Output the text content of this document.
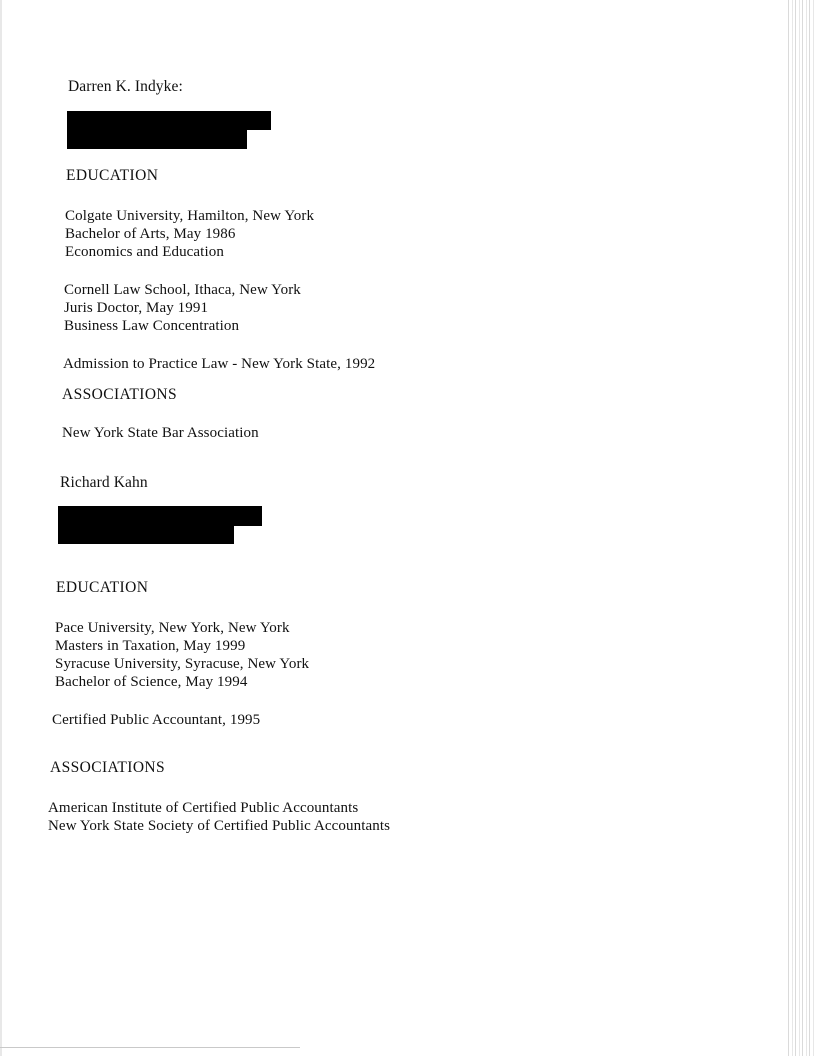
Darren K. Indyke:
EDUCATION
Colgate University, Hamilton, New York
Bachelor of Arts, May 1986
Economics and Education
Cornell Law School, Ithaca, New York
Juris Doctor, May 1991
Business Law Concentration
Admission to Practice Law - New York State, 1992
ASSOCIATIONS
New York State Bar Association
Richard Kahn
EDUCATION
Pace University, New York, New York
Masters in Taxation, May 1999
Syracuse University, Syracuse, New York
Bachelor of Science, May 1994
Certified Public Accountant, 1995
ASSOCIATIONS
American Institute of Certified Public Accountants
New York State Society of Certified Public Accountants
